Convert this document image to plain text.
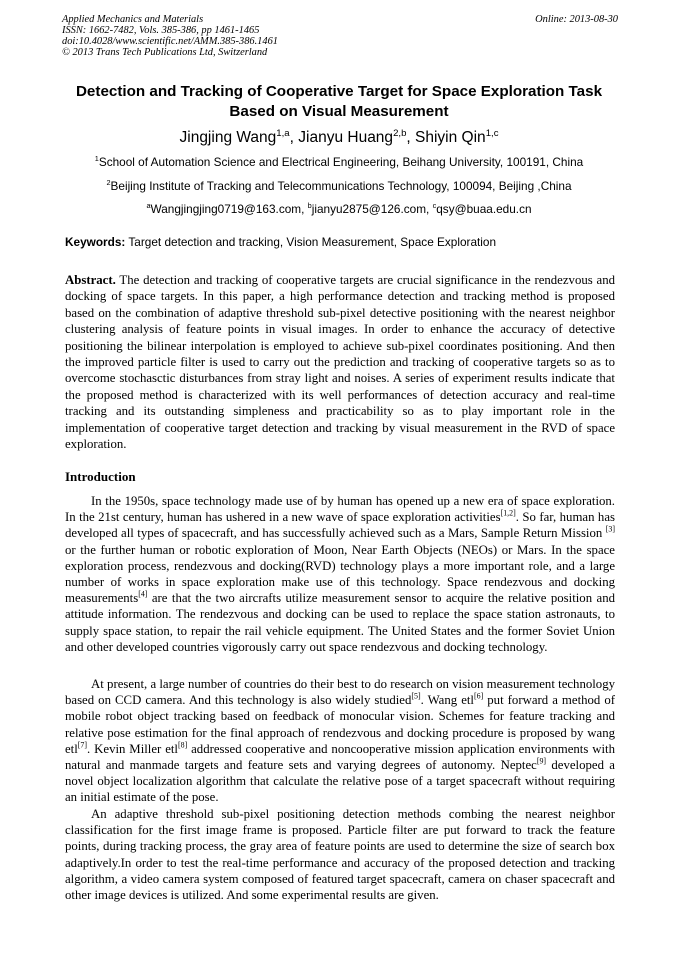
Applied Mechanics and Materials	Online: 2013-08-30
ISSN: 1662-7482, Vols. 385-386, pp 1461-1465
doi:10.4028/www.scientific.net/AMM.385-386.1461
© 2013 Trans Tech Publications Ltd, Switzerland
Detection and Tracking of Cooperative Target for Space Exploration Task Based on Visual Measurement
Jingjing Wang$^{1,a}$, Jianyu Huang$^{2,b}$, Shiyin Qin$^{1,c}$
$^1$School of Automation Science and Electrical Engineering, Beihang University, 100191, China
$^2$Beijing Institute of Tracking and Telecommunications Technology, 100094, Beijing ,China
$^a$Wangjingjing0719@163.com, $^b$jianyu2875@126.com, $^c$qsy@buaa.edu.cn
Keywords: Target detection and tracking, Vision Measurement, Space Exploration
Abstract. The detection and tracking of cooperative targets are crucial significance in the rendezvous and docking of space targets. In this paper, a high performance detection and tracking method is proposed based on the combination of adaptive threshold sub-pixel detective positioning with the nearest neighbor clustering analysis of feature points in visual images. In order to enhance the accuracy of detective positioning the bilinear interpolation is employed to achieve sub-pixel coordinates positioning. And then the improved particle filter is used to carry out the prediction and tracking of cooperative targets so as to overcome stochasctic disturbances from stray light and noises. A series of experiment results indicate that the proposed method is characterized with its well performances of detection accuracy and real-time tracking and its outstanding simpleness and practicability so as to play important role in the implementation of cooperative target detection and tracking by visual measurement in the RVD of space exploration.
Introduction
In the 1950s, space technology made use of by human has opened up a new era of space exploration. In the 21st century, human has ushered in a new wave of space exploration activities[1,2]. So far, human has developed all types of spacecraft, and has successfully achieved such as a Mars, Sample Return Mission [3] or the further human or robotic exploration of Moon, Near Earth Objects (NEOs) or Mars. In the space exploration process, rendezvous and docking(RVD) technology plays a more important role, and a large number of works in space exploration make use of this technology. Space rendezvous and docking measurements[4] are that the two aircrafts utilize measurement sensor to acquire the relative position and attitude information. The rendezvous and docking can be used to replace the space station astronauts, to supply space station, to repair the rail vehicle equipment. The United States and the former Soviet Union and other developed countries vigorously carry out space rendezvous and docking technology.
At present, a large number of countries do their best to do research on vision measurement technology based on CCD camera. And this technology is also widely studied[5]. Wang etl[6] put forward a method of mobile robot object tracking based on feedback of monocular vision. Schemes for feature tracking and relative pose estimation for the final approach of rendezvous and docking procedure is proposed by wang etl[7]. Kevin Miller etl[8] addressed cooperative and noncooperative mission application environments with natural and manmade targets and feature sets and varying degrees of autonomy. Neptec[9] developed a novel object localization algorithm that calculate the relative pose of a target spacecraft without requiring an initial estimate of the pose.
An adaptive threshold sub-pixel positioning detection methods combing the nearest neighbor classification for the first image frame is proposed. Particle filter are put forward to track the feature points, during tracking process, the gray area of feature points are used to determine the size of search box adaptively.In order to test the real-time performance and accuracy of the proposed detection and tracking algorithm, a video camera system composed of featured target spacecraft, camera on chaser spacecraft and other image devices is utilized. And some experimental results are given.
